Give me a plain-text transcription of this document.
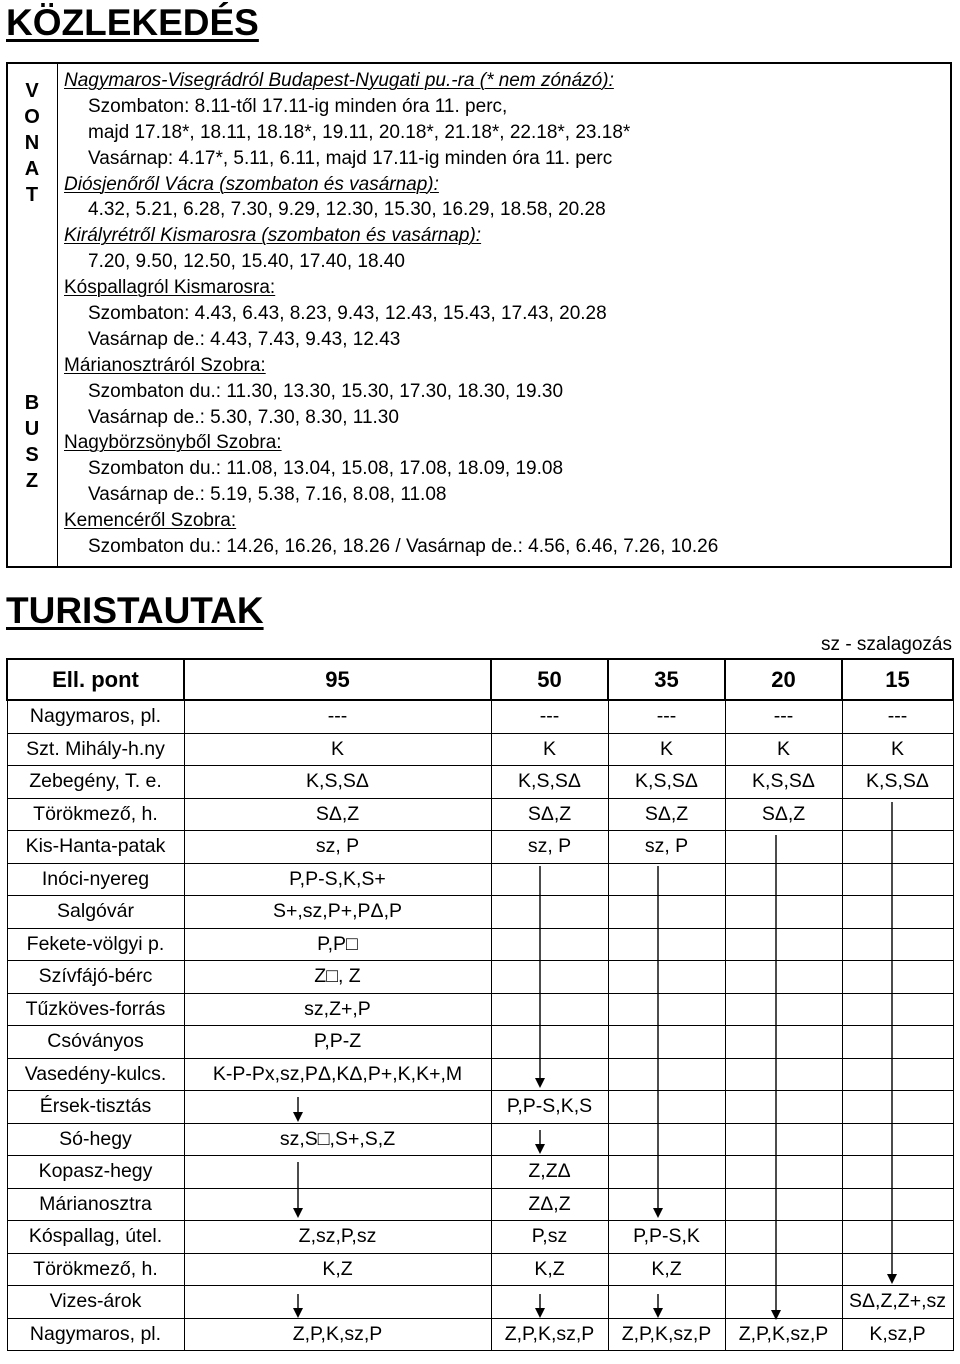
KÖZLEKEDÉS
V
O
N
A
T
B
U
S
Z
Nagymaros-Visegrádról Budapest-Nyugati pu.-ra (* nem zónázó):
Szombaton: 8.11-től 17.11-ig minden óra 11. perc,
majd 17.18*, 18.11, 18.18*, 19.11, 20.18*, 21.18*, 22.18*, 23.18*
Vasárnap: 4.17*, 5.11, 6.11, majd 17.11-ig minden óra 11. perc
Diósjenőről Vácra (szombaton és vasárnap):
4.32, 5.21, 6.28, 7.30, 9.29, 12.30, 15.30, 16.29, 18.58, 20.28
Királyrétről Kismarosra (szombaton és vasárnap):
7.20, 9.50, 12.50, 15.40, 17.40, 18.40
Kóspallagról Kismarosra:
Szombaton: 4.43, 6.43, 8.23, 9.43, 12.43, 15.43, 17.43, 20.28
Vasárnap de.: 4.43, 7.43, 9.43, 12.43
Márianosztráról Szobra:
Szombaton du.: 11.30, 13.30, 15.30, 17.30, 18.30, 19.30
Vasárnap de.: 5.30, 7.30, 8.30, 11.30
Nagybörzsönyből Szobra:
Szombaton du.: 11.08, 13.04, 15.08, 17.08, 18.09, 19.08
Vasárnap de.: 5.19, 5.38, 7.16, 8.08, 11.08
Kemencéről Szobra:
Szombaton du.: 14.26, 16.26, 18.26 / Vasárnap de.: 4.56, 6.46, 7.26, 10.26
TURISTAUTAK
sz - szalagozás
Ell. pont	95	50	35	20	15
Nagymaros, pl.	---	---	---	---	---
Szt. Mihály-h.ny	K	K	K	K	K
Zebegény, T. e.	K,S,SΔ	K,S,SΔ	K,S,SΔ	K,S,SΔ	K,S,SΔ
Törökmező, h.	SΔ,Z	SΔ,Z	SΔ,Z	SΔ,Z	
Kis-Hanta-patak	sz, P	sz, P	sz, P		
Inóci-nyereg	P,P-S,K,S+				
Salgóvár	S+,sz,P+,PΔ,P				
Fekete-völgyi p.	P,P□				
Szívfájó-bérc	Z□, Z				
Tűzköves-forrás	sz,Z+,P				
Csóványos	P,P-Z				
Vasedény-kulcs.	K-P-Px,sz,PΔ,KΔ,P+,K,K+,M				
Érsek-tisztás		P,P-S,K,S			
Só-hegy	sz,S□,S+,S,Z				
Kopasz-hegy		Z,ZΔ			
Márianosztra		ZΔ,Z			
Kóspallag, útel.	Z,sz,P,sz	P,sz	P,P-S,K		
Törökmező, h.	K,Z	K,Z	K,Z		
Vizes-árok					SΔ,Z,Z+,sz
Nagymaros, pl.	Z,P,K,sz,P	Z,P,K,sz,P	Z,P,K,sz,P	Z,P,K,sz,P	K,sz,P
